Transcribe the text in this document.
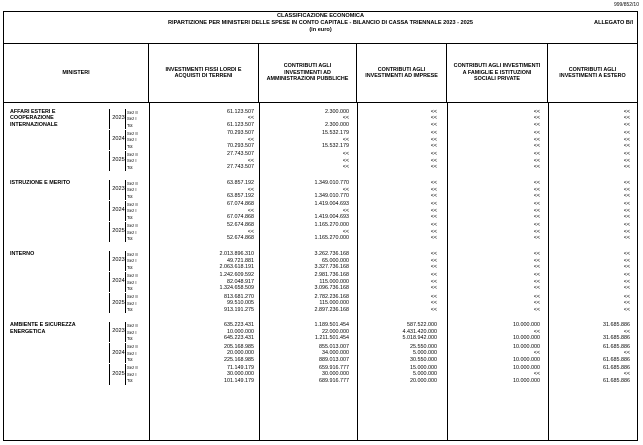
999/852/10
CLASSIFICAZIONE ECONOMICA
RIPARTIZIONE PER MINISTERI DELLE SPESE IN CONTO CAPITALE - BILANCIO DI CASSA TRIENNALE 2023 - 2025
(in euro)
ALLEGATO B/I
MINISTERI
INVESTIMENTI FISSI LORDI E ACQUISTI DI TERRENI
CONTRIBUTI AGLI INVESTIMENTI AD AMMINISTRAZIONI PUBBLICHE
CONTRIBUTI AGLI INVESTIMENTI AD IMPRESE
CONTRIBUTI AGLI INVESTIMENTI A FAMIGLIE E ISTITUZIONI SOCIALI PRIVATE
CONTRIBUTI AGLI INVESTIMENTI A ESTERO
AFFARI ESTERI E COOPERAZIONE INTERNAZIONALE
2023
Sez II	61.123.507	2.300.000	<<	<<	<<
Sez I	<<	<<	<<	<<	<<
Tot	61.123.507	2.300.000	<<	<<	<<
2024
Sez II	70.293.507	15.532.179	<<	<<	<<
Sez I	<<	<<	<<	<<	<<
Tot	70.293.507	15.532.179	<<	<<	<<
2025
Sez II	27.743.507	<<	<<	<<	<<
Sez I	<<	<<	<<	<<	<<
Tot	27.743.507	<<	<<	<<	<<
ISTRUZIONE E MERITO
2023
Sez II	63.857.192	1.349.010.770	<<	<<	<<
Sez I	<<	<<	<<	<<	<<
Tot	63.857.192	1.349.010.770	<<	<<	<<
2024
Sez II	67.074.868	1.419.004.693	<<	<<	<<
Sez I	<<	<<	<<	<<	<<
Tot	67.074.868	1.419.004.693	<<	<<	<<
2025
Sez II	52.674.868	1.165.270.000	<<	<<	<<
Sez I	<<	<<	<<	<<	<<
Tot	52.674.868	1.165.270.000	<<	<<	<<
INTERNO
2023
Sez II	2.013.896.310	3.262.736.168	<<	<<	<<
Sez I	49.721.881	65.000.000	<<	<<	<<
Tot	2.063.618.191	3.327.736.168	<<	<<	<<
2024
Sez II	1.242.609.592	2.981.736.168	<<	<<	<<
Sez I	82.048.917	115.000.000	<<	<<	<<
Tot	1.324.658.509	3.096.736.168	<<	<<	<<
2025
Sez II	813.681.270	2.782.236.168	<<	<<	<<
Sez I	99.510.005	115.000.000	<<	<<	<<
Tot	913.191.275	2.897.236.168	<<	<<	<<
AMBIENTE E SICUREZZA ENERGETICA	2023
Sez II	635.223.431	1.189.501.454	587.522.000	10.000.000	31.685.886
Sez I	10.000.000	22.000.000	4.431.420.000	<<	<<
Tot	645.223.431	1.211.501.454	5.018.942.000	10.000.000	31.685.886
2024
Sez II	205.168.985	855.013.007	25.550.000	10.000.000	61.685.886
Sez I	20.000.000	34.000.000	5.000.000	<<	<<
Tot	225.168.985	889.013.007	30.550.000	10.000.000	61.685.886
2025
Sez II	71.149.179	659.916.777	15.000.000	10.000.000	61.685.886
Sez I	30.000.000	30.000.000	5.000.000	<<	<<
Tot	101.149.179	689.916.777	20.000.000	10.000.000	61.685.886
